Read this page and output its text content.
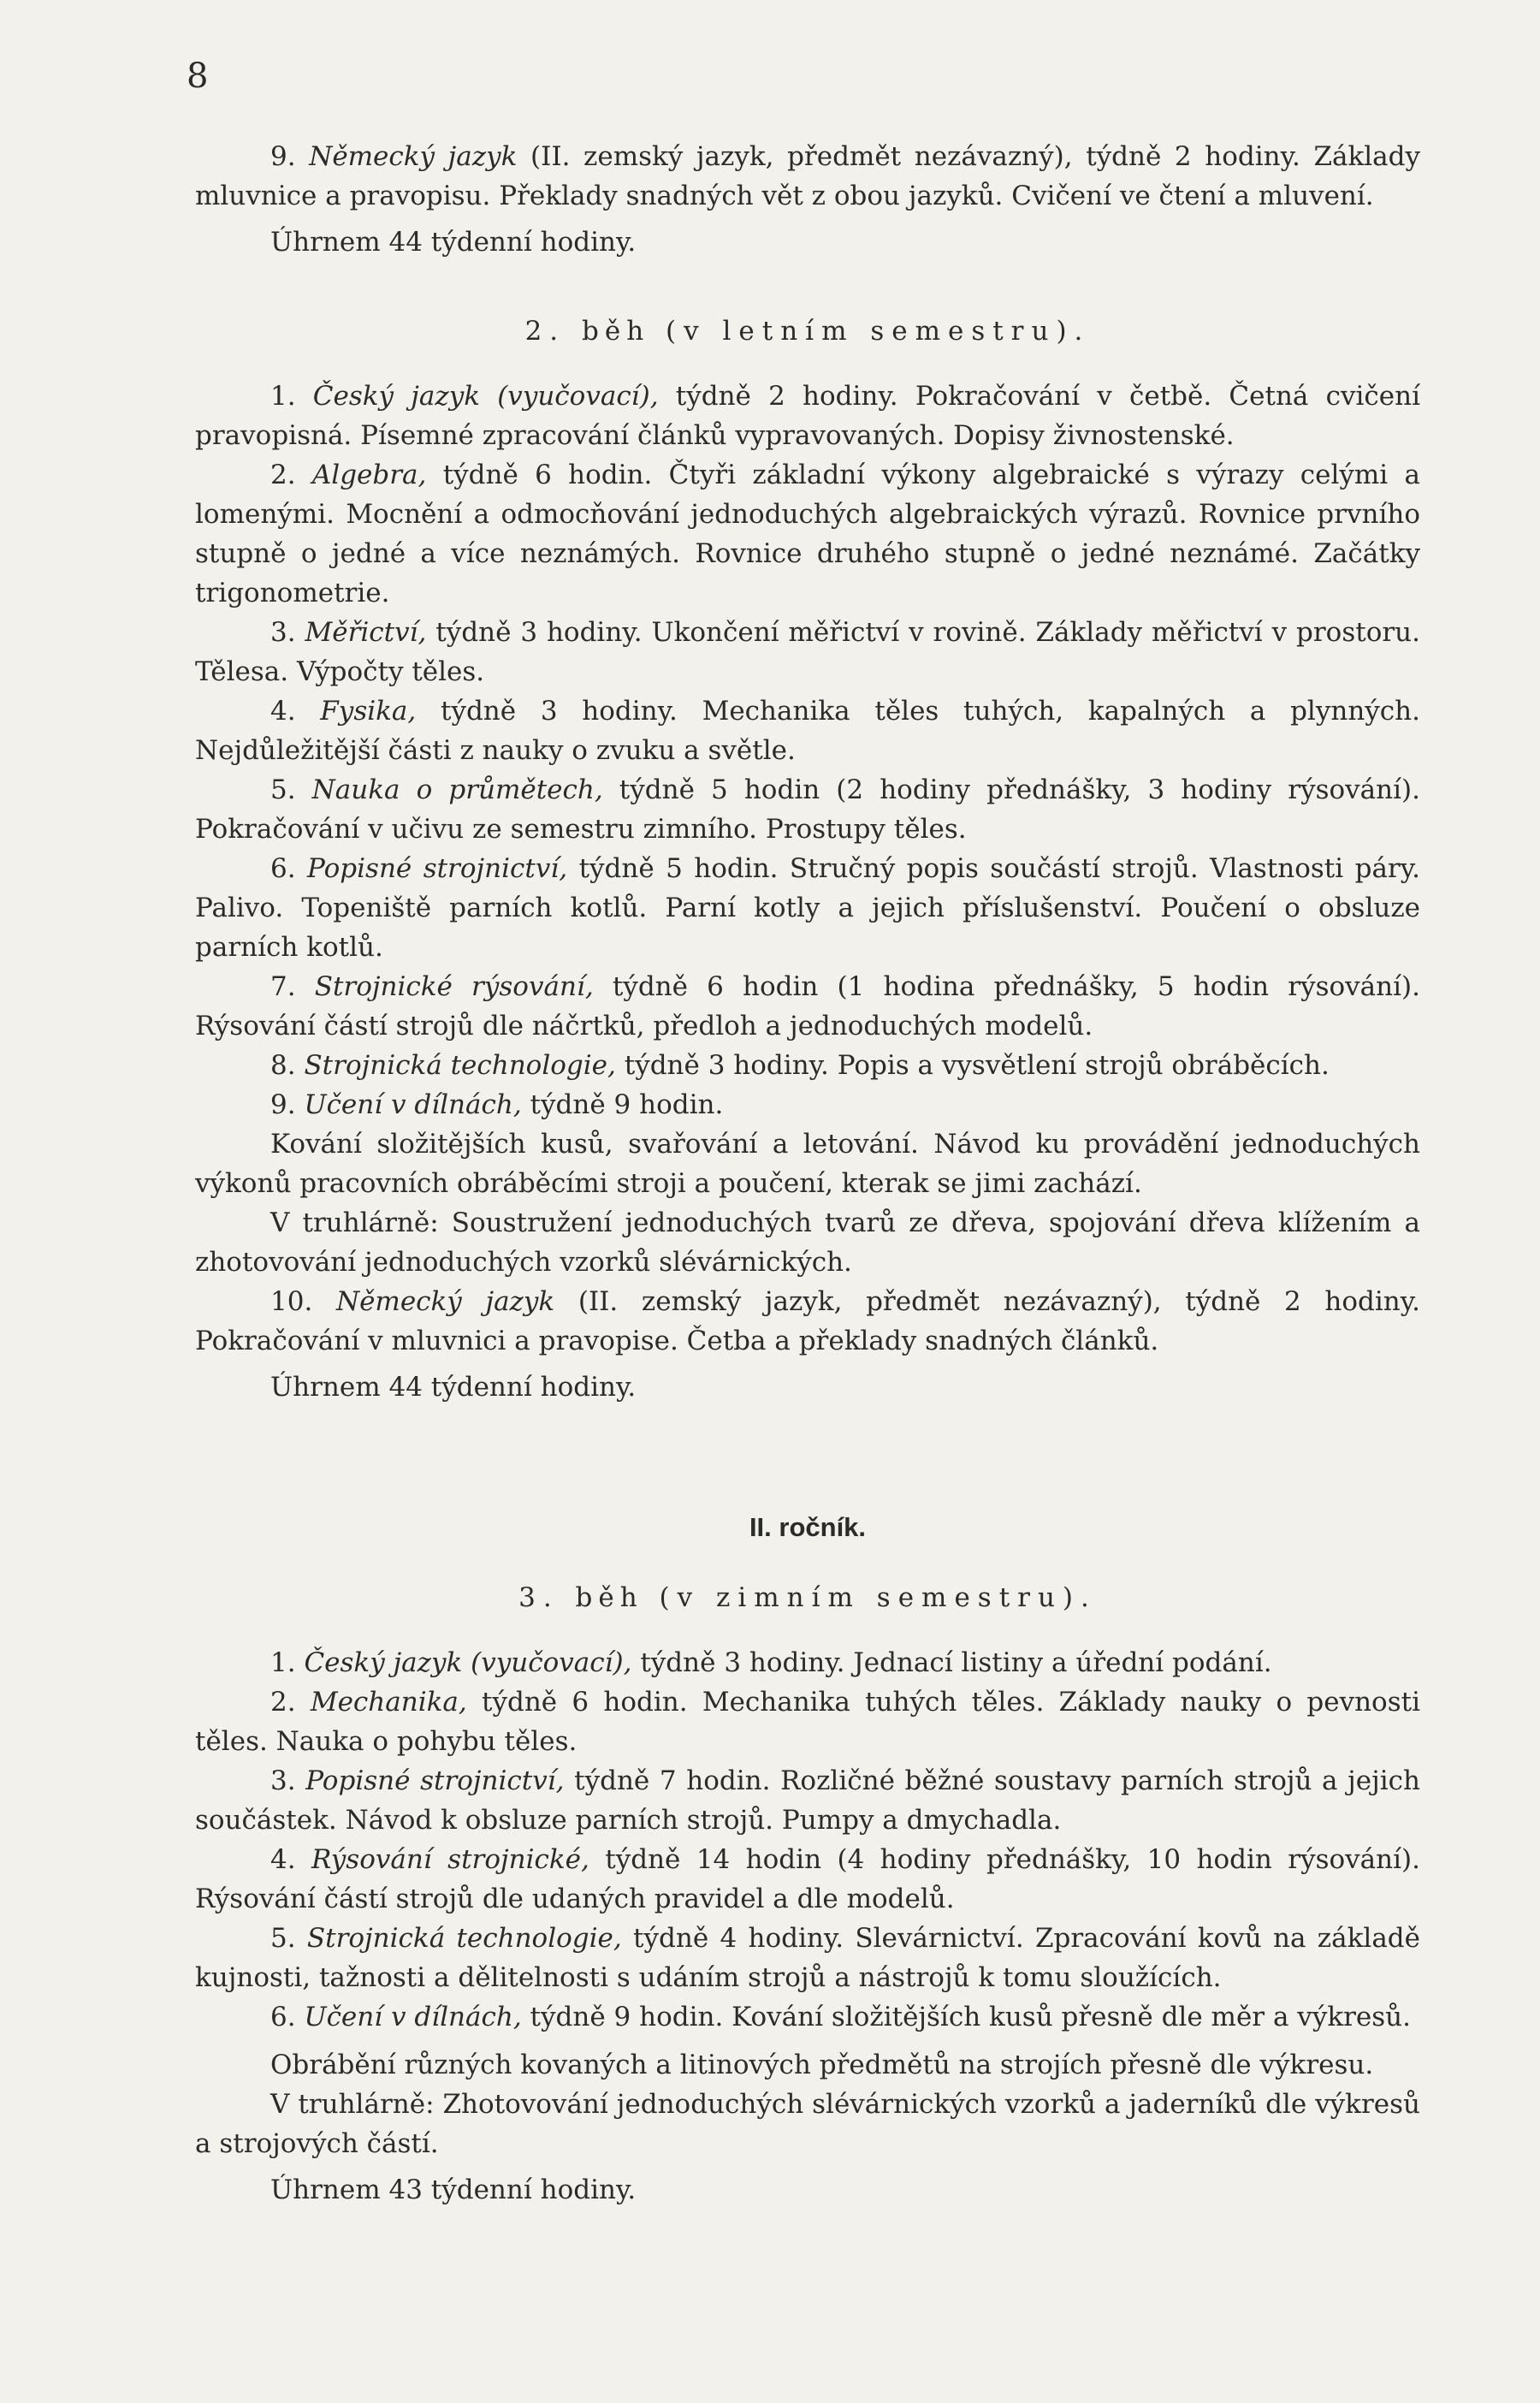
8

9. Německý jazyk (II. zemský jazyk, předmět nezávazný), týdně 2 hodiny. Základy mluvnice a pravopisu. Překlady snadných vět z obou jazyků. Cvičení ve čtení a mluvení.

Úhrnem 44 týdenní hodiny.

2. běh (v letním semestru).

1. Český jazyk (vyučovací), týdně 2 hodiny. Pokračování v četbě. Četná cvičení pravopisná. Písemné zpracování článků vypravovaných. Dopisy živnostenské.

2. Algebra, týdně 6 hodin. Čtyři základní výkony algebraické s výrazy celými a lomenými. Mocnění a odmocňování jednoduchých algebraických výrazů. Rovnice prvního stupně o jedné a více neznámých. Rovnice druhého stupně o jedné neznámé. Začátky trigonometrie.

3. Měřictví, týdně 3 hodiny. Ukončení měřictví v rovině. Základy měřictví v prostoru. Tělesa. Výpočty těles.

4. Fysika, týdně 3 hodiny. Mechanika těles tuhých, kapalných a plynných. Nejdůležitější části z nauky o zvuku a světle.

5. Nauka o průmětech, týdně 5 hodin (2 hodiny přednášky, 3 hodiny rýsování). Pokračování v učivu ze semestru zimního. Prostupy těles.

6. Popisné strojnictví, týdně 5 hodin. Stručný popis součástí strojů. Vlastnosti páry. Palivo. Topeniště parních kotlů. Parní kotly a jejich příslušenství. Poučení o obsluze parních kotlů.

7. Strojnické rýsování, týdně 6 hodin (1 hodina přednášky, 5 hodin rýsování). Rýsování částí strojů dle náčrtků, předloh a jednoduchých modelů.

8. Strojnická technologie, týdně 3 hodiny. Popis a vysvětlení strojů obráběcích.

9. Učení v dílnách, týdně 9 hodin.

Kování složitějších kusů, svařování a letování. Návod ku provádění jednoduchých výkonů pracovních obráběcími stroji a poučení, kterak se jimi zachází.

V truhlárně: Soustružení jednoduchých tvarů ze dřeva, spojování dřeva klížením a zhotovování jednoduchých vzorků slévárnických.

10. Německý jazyk (II. zemský jazyk, předmět nezávazný), týdně 2 hodiny. Pokračování v mluvnici a pravopise. Četba a překlady snadných článků.

Úhrnem 44 týdenní hodiny.

II. ročník.
3. běh (v zimním semestru).

1. Český jazyk (vyučovací), týdně 3 hodiny. Jednací listiny a úřední podání.

2. Mechanika, týdně 6 hodin. Mechanika tuhých těles. Základy nauky o pevnosti těles. Nauka o pohybu těles.

3. Popisné strojnictví, týdně 7 hodin. Rozličné běžné soustavy parních strojů a jejich součástek. Návod k obsluze parních strojů. Pumpy a dmychadla.

4. Rýsování strojnické, týdně 14 hodin (4 hodiny přednášky, 10 hodin rýsování). Rýsování částí strojů dle udaných pravidel a dle modelů.

5. Strojnická technologie, týdně 4 hodiny. Slevárnictví. Zpracování kovů na základě kujnosti, tažnosti a dělitelnosti s udáním strojů a nástrojů k tomu sloužících.

6. Učení v dílnách, týdně 9 hodin. Kování složitějších kusů přesně dle měr a výkresů.

Obrábění různých kovaných a litinových předmětů na strojích přesně dle výkresu.

V truhlárně: Zhotovování jednoduchých slévárnických vzorků a jaderníků dle výkresů a strojových částí.

Úhrnem 43 týdenní hodiny.
